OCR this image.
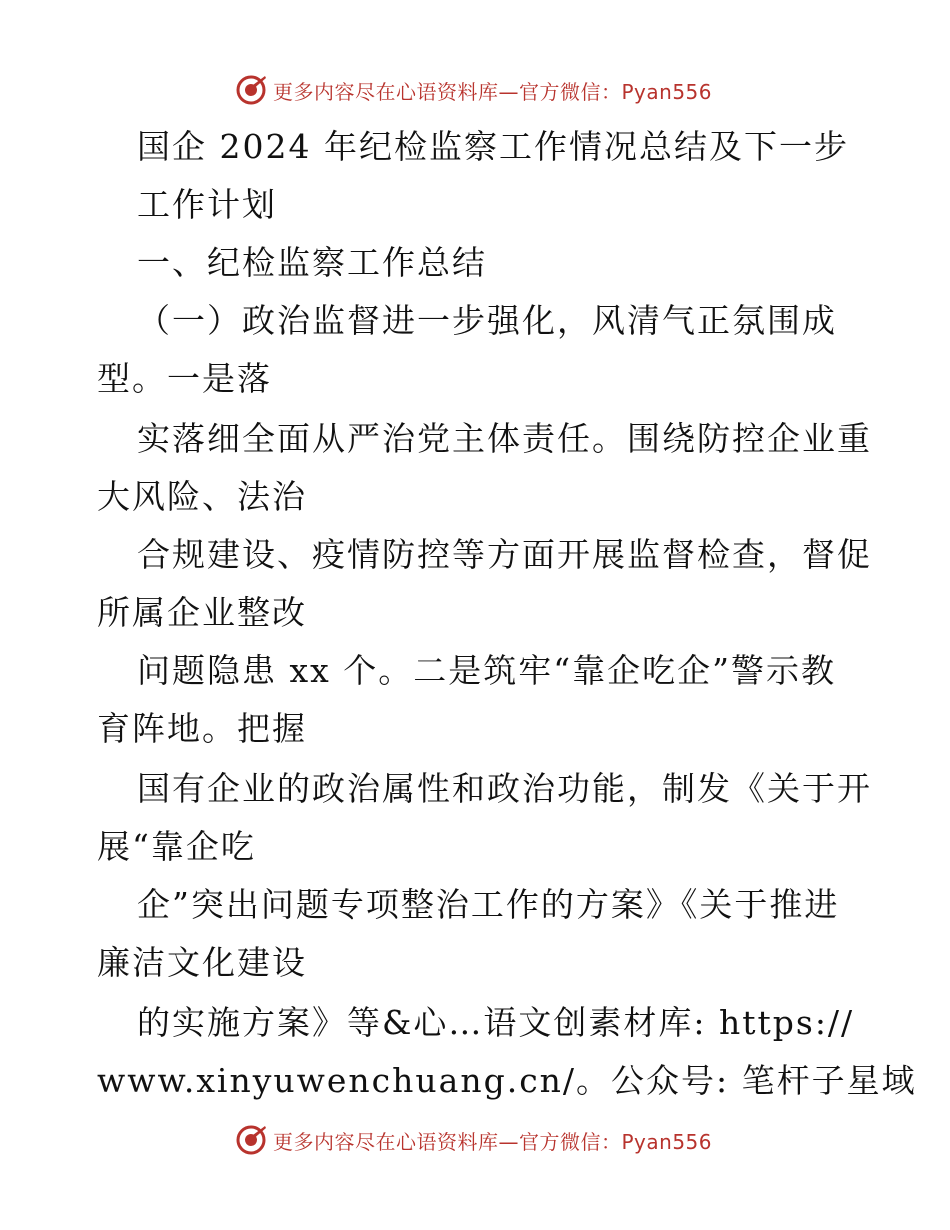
更多内容尽在心语资料库—官方微信：Pyan556
国企 2024 年纪检监察工作情况总结及下一步
工作计划
一、纪检监察工作总结
（一）政治监督进一步强化，风清气正氛围成
型。一是落
实落细全面从严治党主体责任。围绕防控企业重
大风险、法治
合规建设、疫情防控等方面开展监督检查，督促
所属企业整改
问题隐患 xx 个。二是筑牢“靠企吃企”警示教
育阵地。把握
国有企业的政治属性和政治功能，制发《关于开
展“靠企吃
企”突出问题专项整治工作的方案》《关于推进
廉洁文化建设
的实施方案》等&心…语文创素材库: https://
www.xinyuwenchuang.cn/。公众号: 笔杆子星域
更多内容尽在心语资料库—官方微信：Pyan556
